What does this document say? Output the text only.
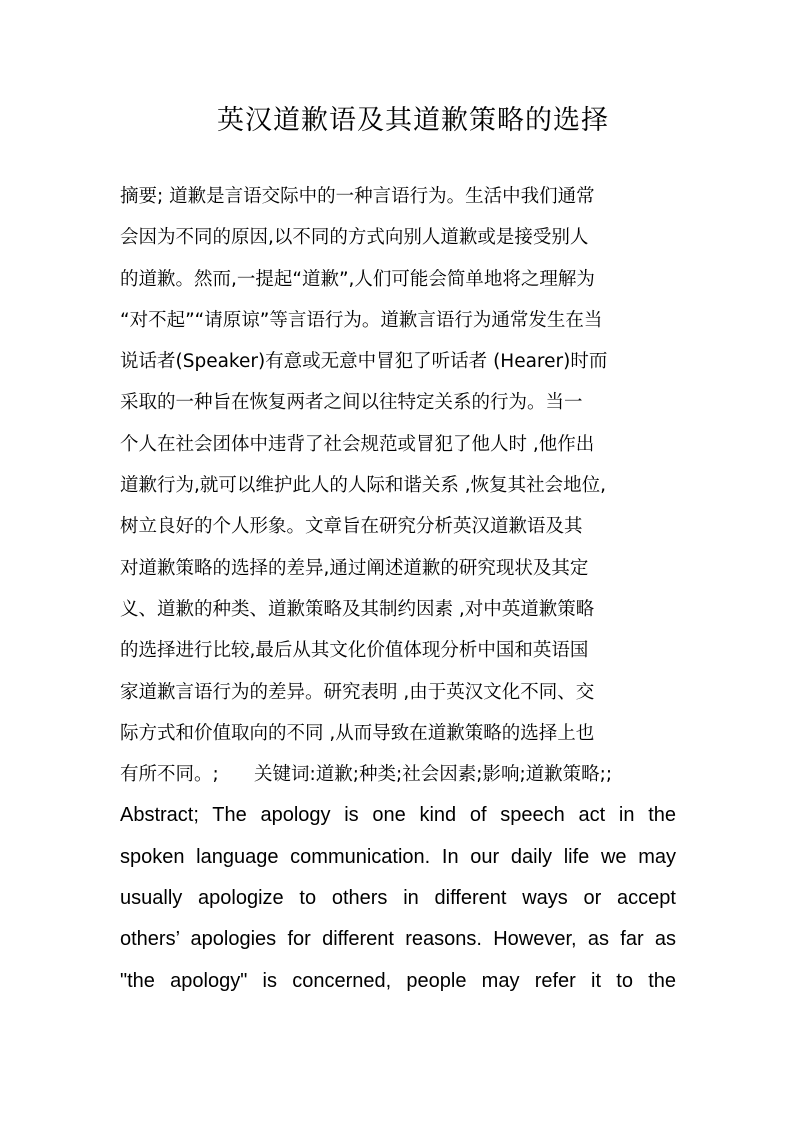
英汉道歉语及其道歉策略的选择
摘要; 道歉是言语交际中的一种言语行为。生活中我们通常
会因为不同的原因,以不同的方式向别人道歉或是接受别人
的道歉。然而,一提起“道歉”,人们可能会简单地将之理解为
“对不起”“请原谅”等言语行为。道歉言语行为通常发生在当
说话者(Speaker)有意或无意中冒犯了听话者 (Hearer)时而
采取的一种旨在恢复两者之间以往特定关系的行为。当一
个人在社会团体中违背了社会规范或冒犯了他人时 ,他作出
道歉行为,就可以维护此人的人际和谐关系 ,恢复其社会地位,
树立良好的个人形象。文章旨在研究分析英汉道歉语及其
对道歉策略的选择的差异,通过阐述道歉的研究现状及其定
义、道歉的种类、道歉策略及其制约因素 ,对中英道歉策略
的选择进行比较,最后从其文化价值体现分析中国和英语国
家道歉言语行为的差异。研究表明 ,由于英汉文化不同、交
际方式和价值取向的不同 ,从而导致在道歉策略的选择上也
有所不同。;      关键词:道歉;种类;社会因素;影响;道歉策略;;
Abstract; The apology is one kind of speech act in the
spoken language communication. In our daily life we may
usually apologize to others in different ways or accept
others’ apologies for different reasons. However, as far as
"the apology" is concerned, people may refer it to the
